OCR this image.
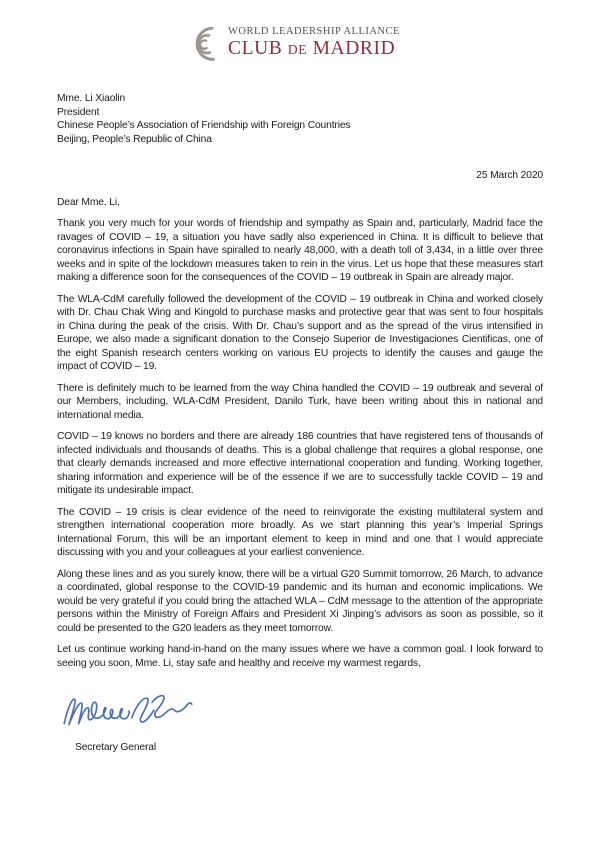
WORLD LEADERSHIP ALLIANCE
CLUB DE MADRID
Mme. Li Xiaolin
President
Chinese People’s Association of Friendship with Foreign Countries
Beijing, People’s Republic of China
25 March 2020
Dear Mme. Li,

Thank you very much for your words of friendship and sympathy as Spain and, particularly, Madrid face the ravages of COVID – 19, a situation you have sadly also experienced in China. It is difficult to believe that coronavirus infections in Spain have spiralled to nearly 48,000, with a death toll of 3,434, in a little over three weeks and in spite of the lockdown measures taken to rein in the virus. Let us hope that these measures start making a difference soon for the consequences of the COVID – 19 outbreak in Spain are already major.

The WLA-CdM carefully followed the development of the COVID – 19 outbreak in China and worked closely with Dr. Chau Chak Wing and Kingold to purchase masks and protective gear that was sent to four hospitals in China during the peak of the crisis. With Dr. Chau’s support and as the spread of the virus intensified in Europe, we also made a significant donation to the Consejo Superior de Investigaciones Cientificas, one of the eight Spanish research centers working on various EU projects to identify the causes and gauge the impact of COVID – 19.

There is definitely much to be learned from the way China handled the COVID – 19 outbreak and several of our Members, including, WLA-CdM President, Danilo Turk, have been writing about this in national and international media.

COVID – 19 knows no borders and there are already 186 countries that have registered tens of thousands of infected individuals and thousands of deaths. This is a global challenge that requires a global response, one that clearly demands increased and more effective international cooperation and funding. Working together, sharing information and experience will be of the essence if we are to successfully tackle COVID – 19 and mitigate its undesirable impact.

The COVID – 19 crisis is clear evidence of the need to reinvigorate the existing multilateral system and strengthen international cooperation more broadly. As we start planning this year’s Imperial Springs International Forum, this will be an important element to keep in mind and one that I would appreciate discussing with you and your colleagues at your earliest convenience.

Along these lines and as you surely know, there will be a virtual G20 Summit tomorrow, 26 March, to advance a coordinated, global response to the COVID-19 pandemic and its human and economic implications. We would be very grateful if you could bring the attached WLA – CdM message to the attention of the appropriate persons within the Ministry of Foreign Affairs and President Xi Jinping’s advisors as soon as possible, so it could be presented to the G20 leaders as they meet tomorrow.

Let us continue working hand-in-hand on the many issues where we have a common goal. I look forward to seeing you soon, Mme. Li, stay safe and healthy and receive my warmest regards,

Secretary General
